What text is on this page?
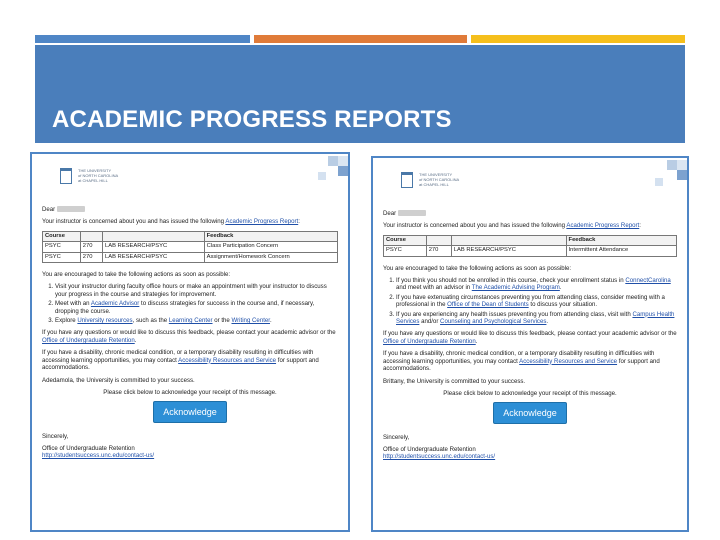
ACADEMIC PROGRESS REPORTS
THE UNIVERSITY
of NORTH CAROLINA
at CHAPEL HILL

Dear

Your instructor is concerned about you and has issued the following Academic Progress Report:

Course			Feedback
PSYC	270	LAB RESEARCH/PSYC	Class Participation Concern
PSYC	270	LAB RESEARCH/PSYC	Assignment/Homework Concern

You are encouraged to take the following actions as soon as possible:

1. Visit your instructor during faculty office hours or make an appointment with your instructor to discuss your progress in the course and strategies for improvement.
2. Meet with an Academic Advisor to discuss strategies for success in the course and, if necessary, dropping the course.
3. Explore University resources, such as the Learning Center or the Writing Center.

If you have any questions or would like to discuss this feedback, please contact your academic advisor or the Office of Undergraduate Retention.

If you have a disability, chronic medical condition, or a temporary disability resulting in difficulties with accessing learning opportunities, you may contact Accessibility Resources and Service for support and accommodations.

Adedamola, the University is committed to your success.

Please click below to acknowledge your receipt of this message.

Acknowledge

Sincerely,

Office of Undergraduate Retention
http://studentsuccess.unc.edu/contact-us/
THE UNIVERSITY
of NORTH CAROLINA
at CHAPEL HILL

Dear

Your instructor is concerned about you and has issued the following Academic Progress Report:

Course			Feedback
PSYC	270	LAB RESEARCH/PSYC	Intermittent Attendance

You are encouraged to take the following actions as soon as possible:

1. If you think you should not be enrolled in this course, check your enrollment status in ConnectCarolina and meet with an advisor in The Academic Advising Program.
2. If you have extenuating circumstances preventing you from attending class, consider meeting with a professional in the Office of the Dean of Students to discuss your situation.
3. If you are experiencing any health issues preventing you from attending class, visit with Campus Health Services and/or Counseling and Psychological Services.

If you have any questions or would like to discuss this feedback, please contact your academic advisor or the Office of Undergraduate Retention.

If you have a disability, chronic medical condition, or a temporary disability resulting in difficulties with accessing learning opportunities, you may contact Accessibility Resources and Service for support and accommodations.

Brittany, the University is committed to your success.

Please click below to acknowledge your receipt of this message.

Acknowledge

Sincerely,

Office of Undergraduate Retention
http://studentsuccess.unc.edu/contact-us/
